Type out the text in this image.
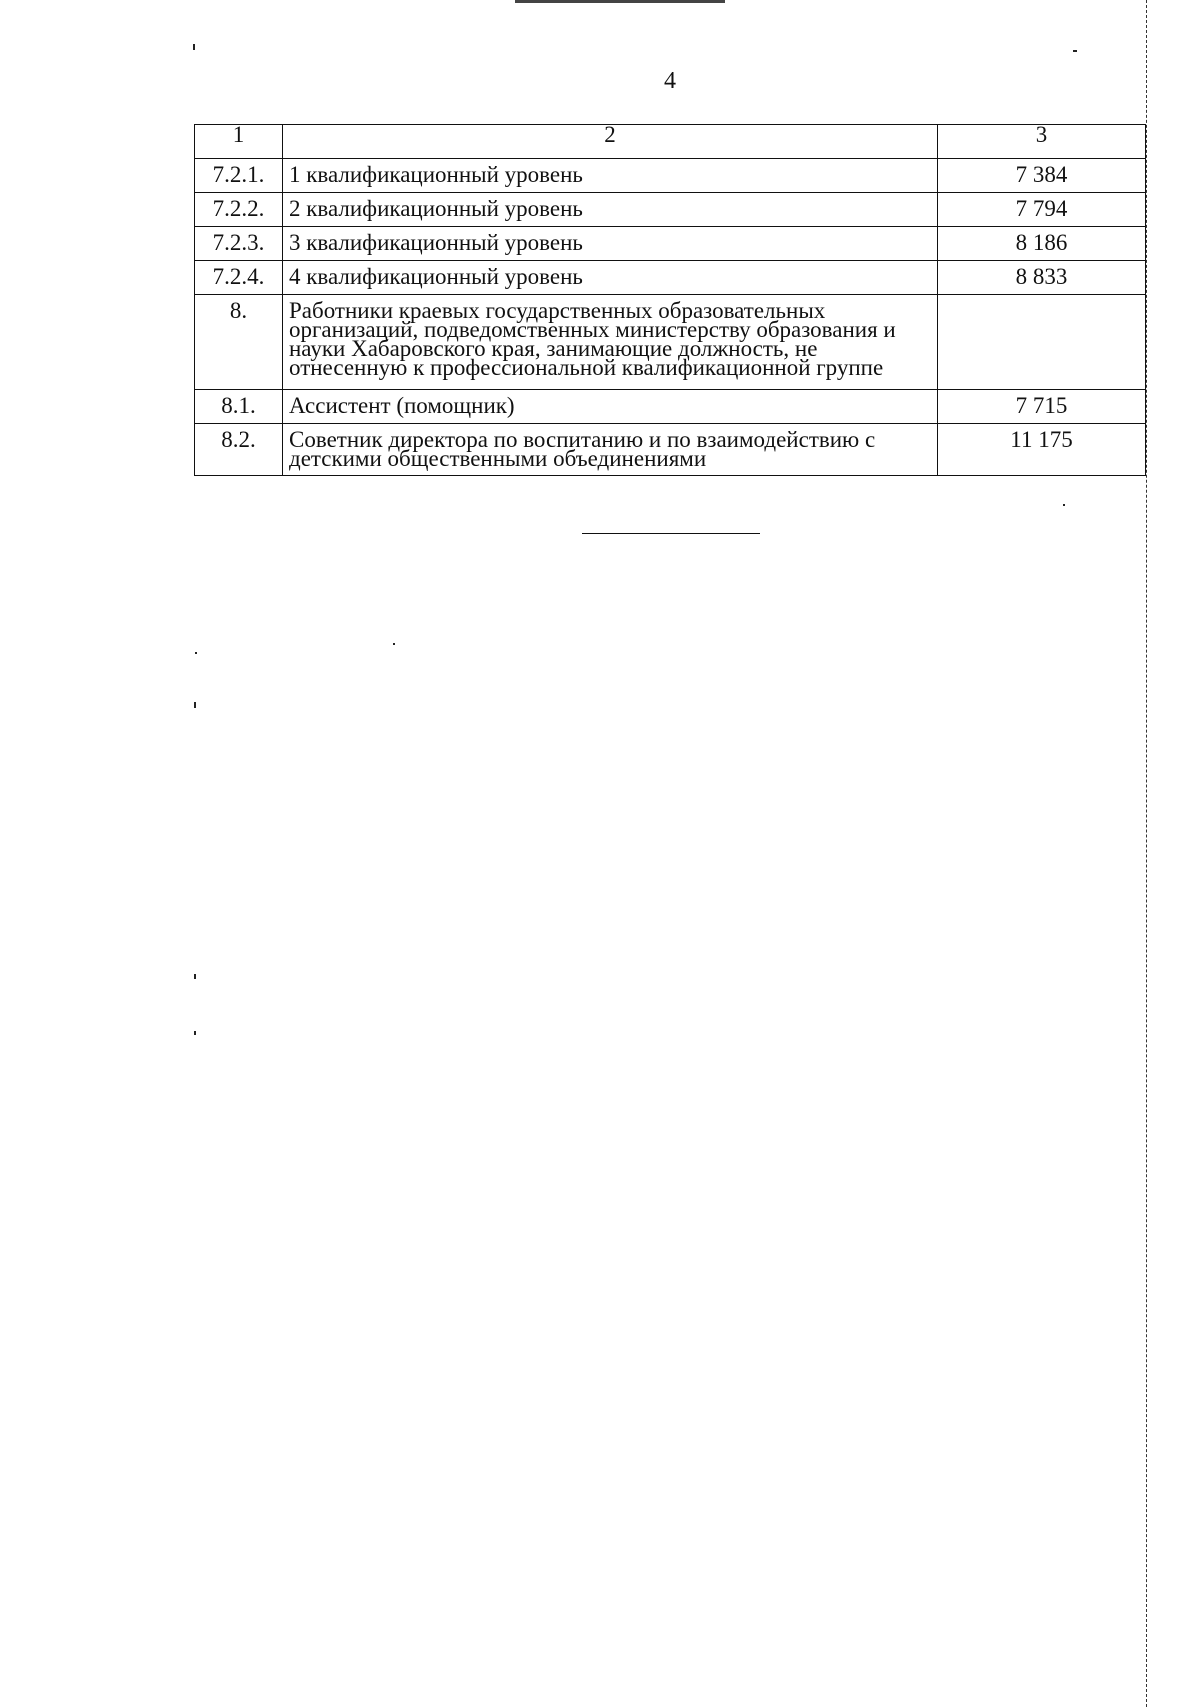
4
1	2	3
7.2.1.	1 квалификационный уровень	7 384
7.2.2.	2 квалификационный уровень	7 794
7.2.3.	3 квалификационный уровень	8 186
7.2.4.	4 квалификационный уровень	8 833
8.	Работники краевых государственных образовательных организаций, подведомственных министерству образования и науки Хабаровского края, занимающие должность, не отнесенную к профессиональной квалификационной группе	
8.1.	Ассистент (помощник)	7 715
8.2.	Советник директора по воспитанию и по взаимодействию с детскими общественными объединениями	11 175
